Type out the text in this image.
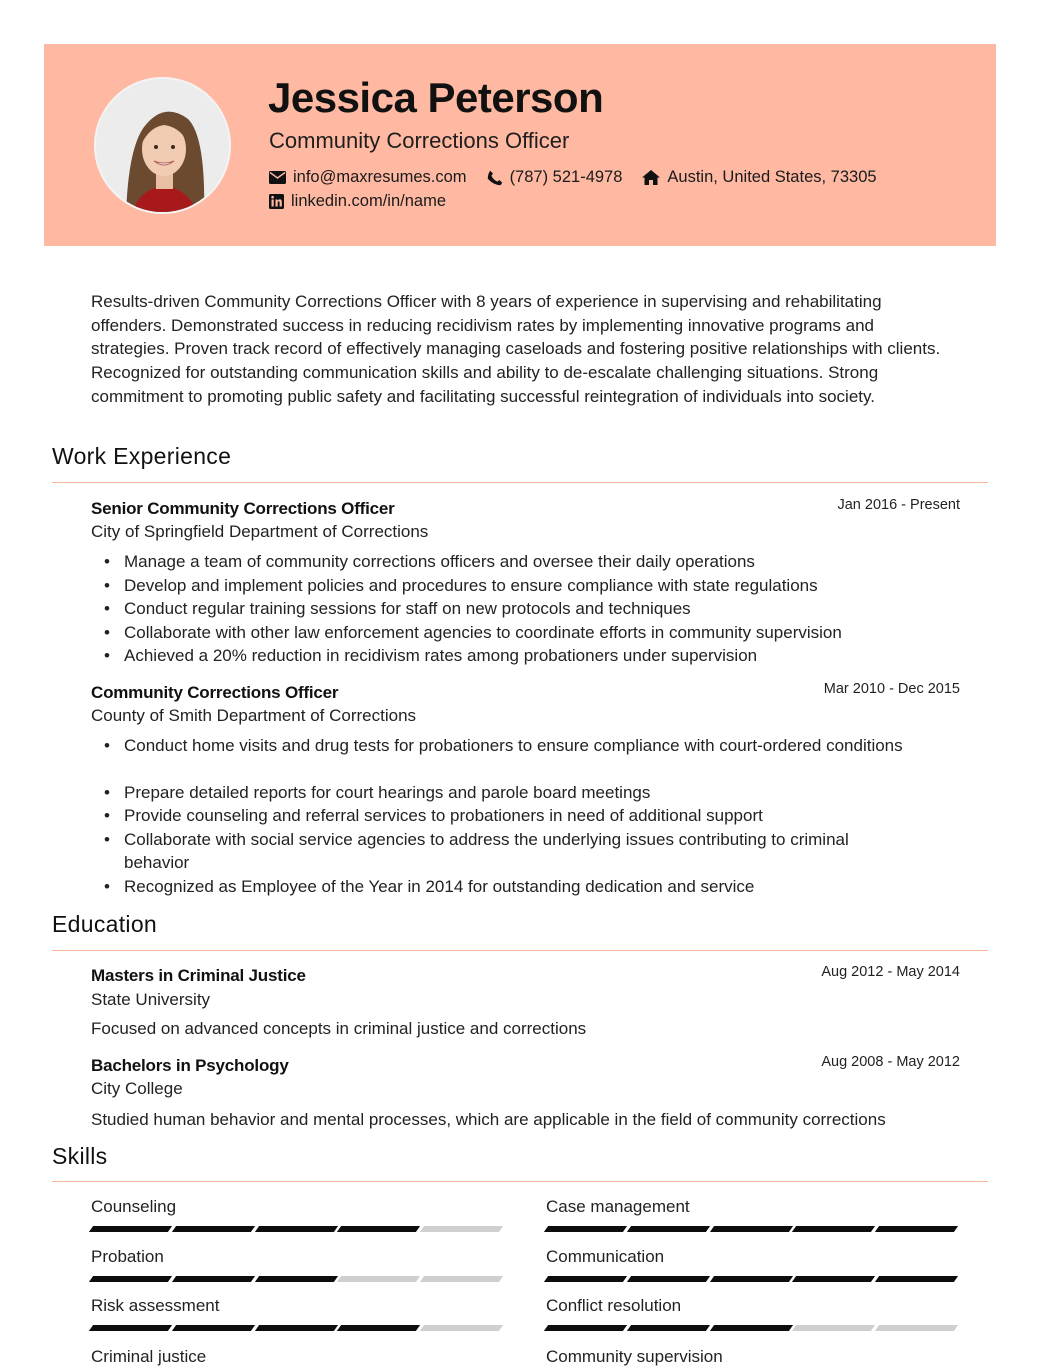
Jessica Peterson
Community Corrections Officer
info@maxresumes.com	(787) 521-4978	Austin, United States, 73305
linkedin.com/in/name

Results-driven Community Corrections Officer with 8 years of experience in supervising and rehabilitating offenders. Demonstrated success in reducing recidivism rates by implementing innovative programs and strategies. Proven track record of effectively managing caseloads and fostering positive relationships with clients. Recognized for outstanding communication skills and ability to de-escalate challenging situations. Strong commitment to promoting public safety and facilitating successful reintegration of individuals into society.

Work Experience
Senior Community Corrections Officer	Jan 2016 - Present
City of Springfield Department of Corrections
• Manage a team of community corrections officers and oversee their daily operations
• Develop and implement policies and procedures to ensure compliance with state regulations
• Conduct regular training sessions for staff on new protocols and techniques
• Collaborate with other law enforcement agencies to coordinate efforts in community supervision
• Achieved a 20% reduction in recidivism rates among probationers under supervision
Community Corrections Officer	Mar 2010 - Dec 2015
County of Smith Department of Corrections
• Conduct home visits and drug tests for probationers to ensure compliance with court-ordered conditions
• Prepare detailed reports for court hearings and parole board meetings
• Provide counseling and referral services to probationers in need of additional support
• Collaborate with social service agencies to address the underlying issues contributing to criminal behavior
• Recognized as Employee of the Year in 2014 for outstanding dedication and service
Education
Masters in Criminal Justice	Aug 2012 - May 2014
State University
Focused on advanced concepts in criminal justice and corrections
Bachelors in Psychology	Aug 2008 - May 2012
City College
Studied human behavior and mental processes, which are applicable in the field of community corrections
Skills
Counseling	Case management
Probation	Communication
Risk assessment	Conflict resolution
Criminal justice	Community supervision
